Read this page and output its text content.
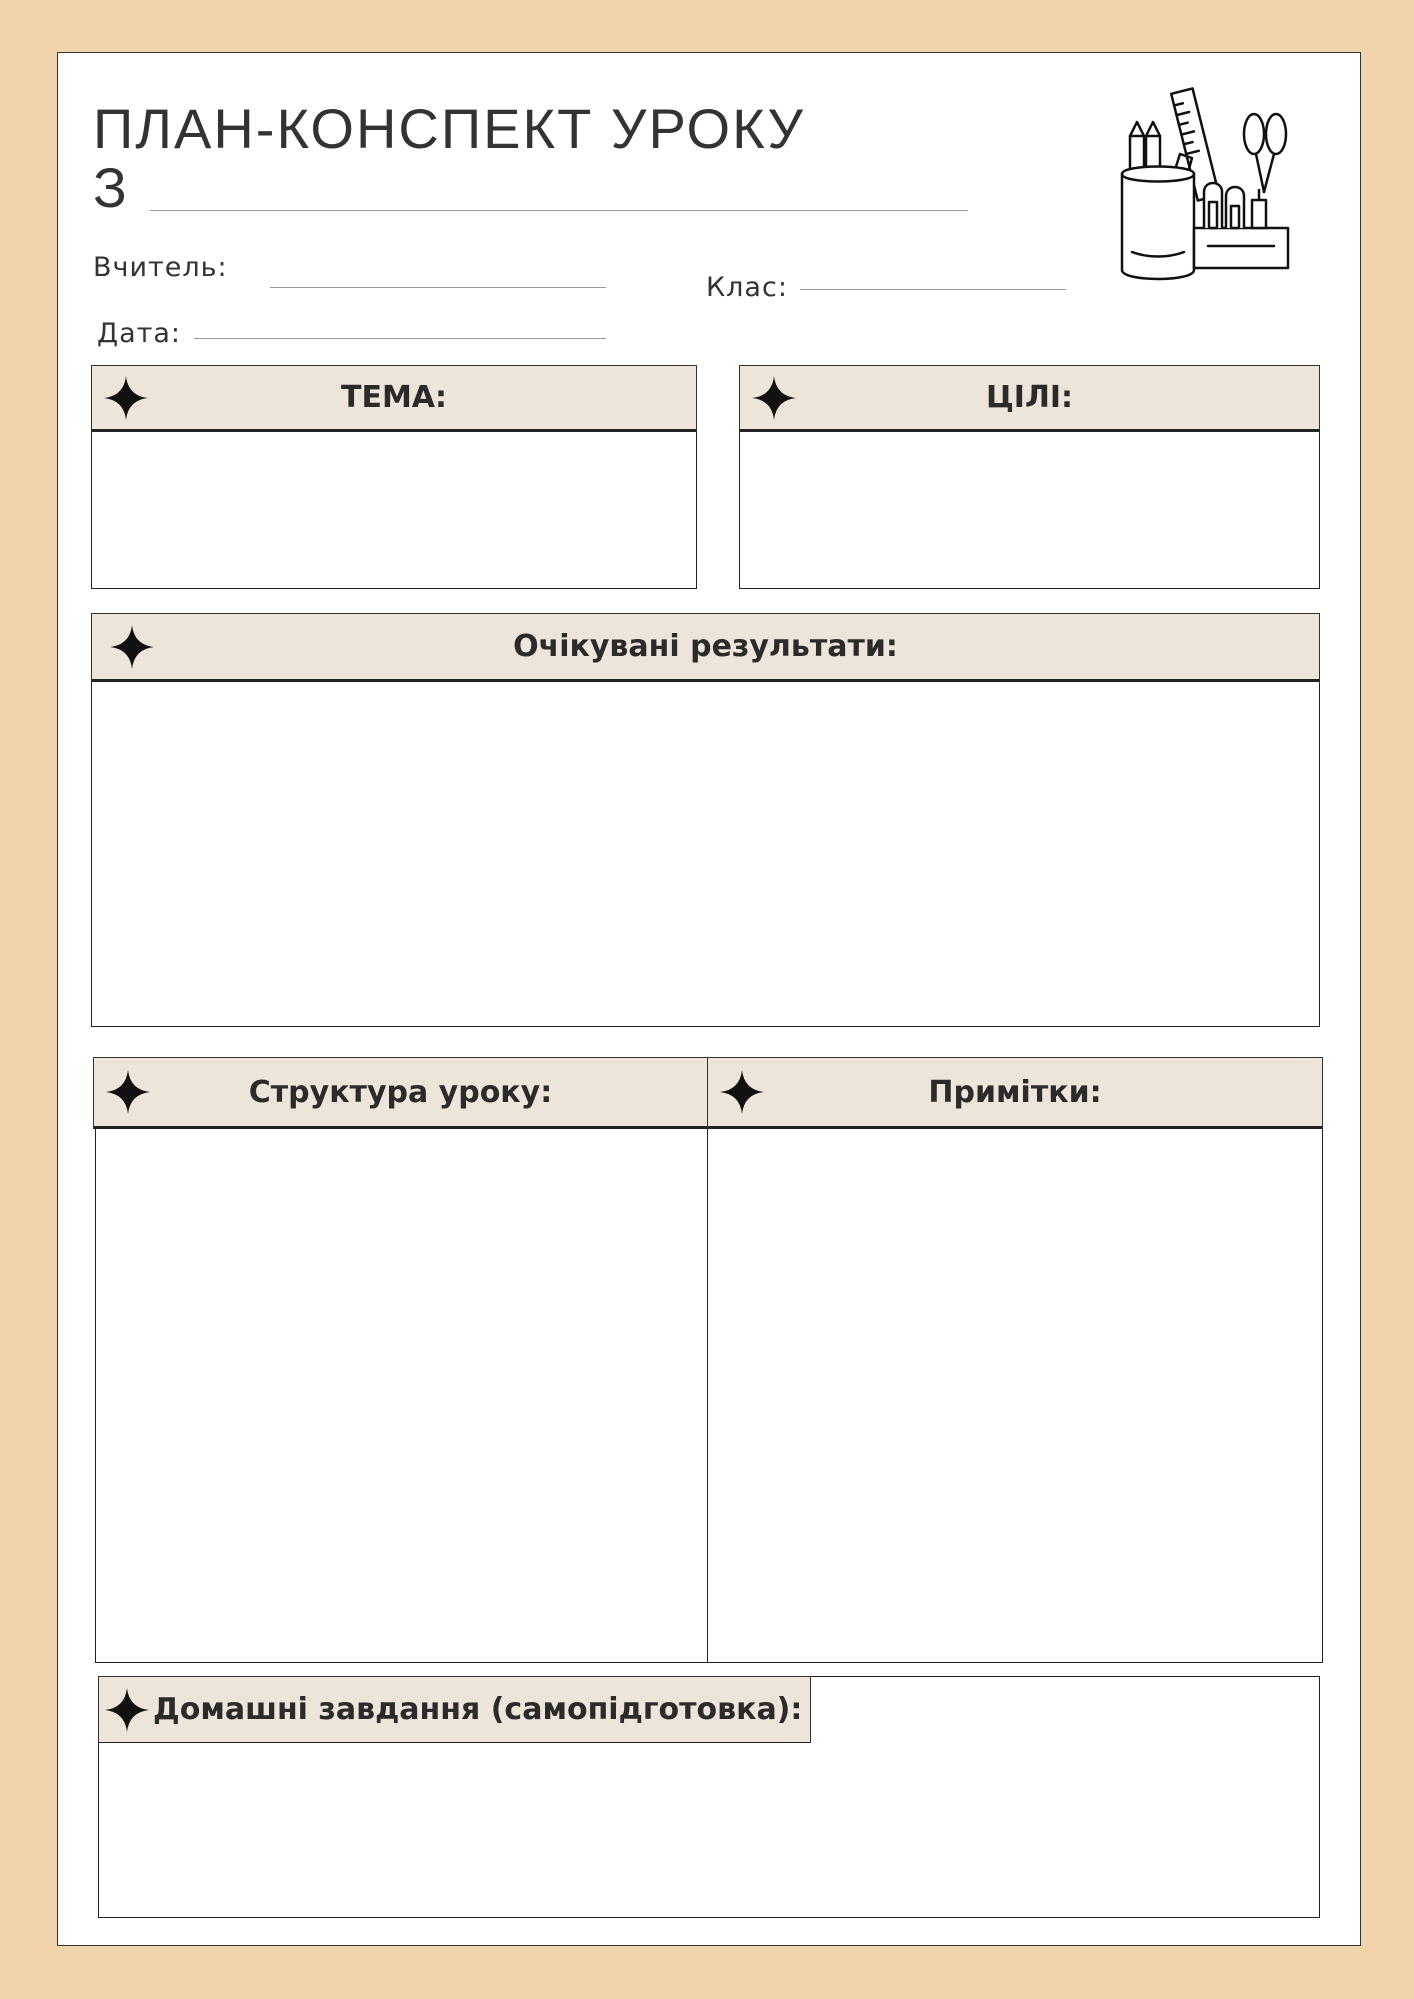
ПЛАН-КОНСПЕКТ УРОКУ
З
Вчитель:
Клас:
Дата:
ТЕМА:	ЦІЛІ:
Очікувані результати:
Структура уроку:	Примітки:
Домашні завдання (самопідготовка):
